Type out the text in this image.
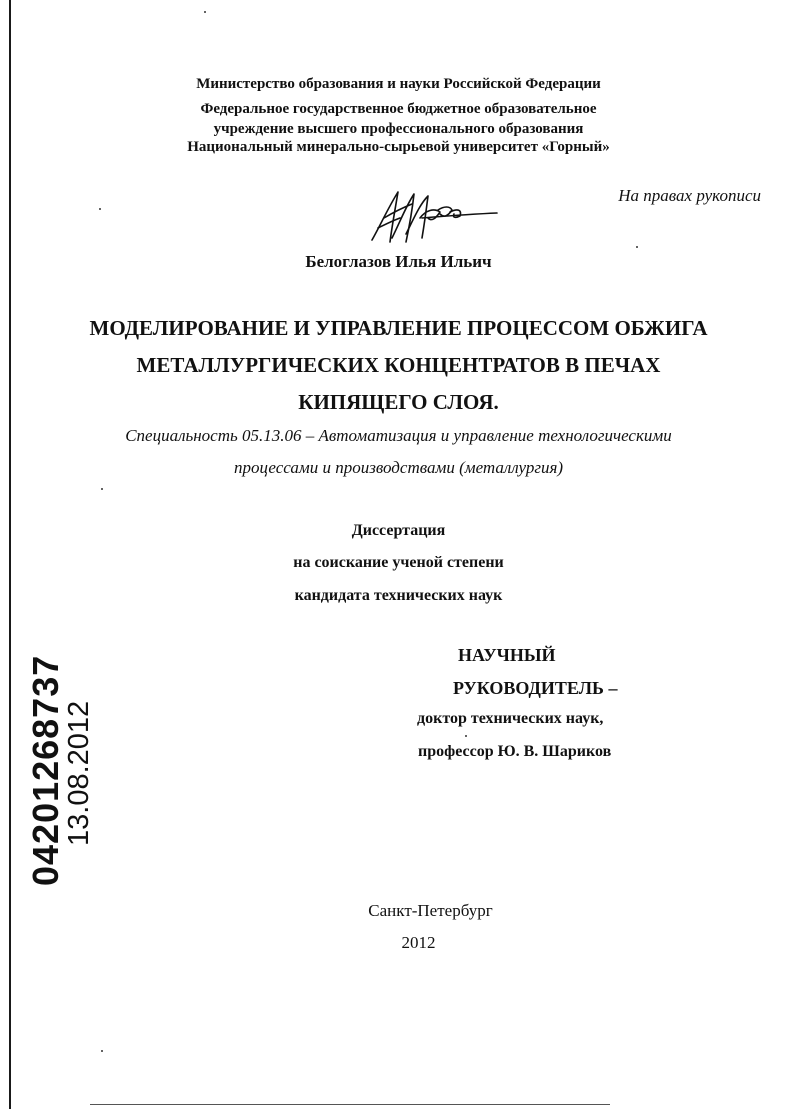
Министерство образования и науки Российской Федерации
Федеральное государственное бюджетное образовательное
учреждение высшего профессионального образования
Национальный минерально-сырьевой университет «Горный»
На правах рукописи
Белоглазов Илья Ильич
МОДЕЛИРОВАНИЕ И УПРАВЛЕНИЕ ПРОЦЕССОМ ОБЖИГА
МЕТАЛЛУРГИЧЕСКИХ КОНЦЕНТРАТОВ В ПЕЧАХ
КИПЯЩЕГО СЛОЯ.
Специальность 05.13.06 – Автоматизация и управление технологическими
процессами и производствами (металлургия)
Диссертация
на соискание ученой степени
кандидата технических наук
НАУЧНЫЙ
РУКОВОДИТЕЛЬ –
доктор технических наук,
профессор Ю. В. Шариков
Санкт-Петербург
2012
04201268737
13.08.2012
